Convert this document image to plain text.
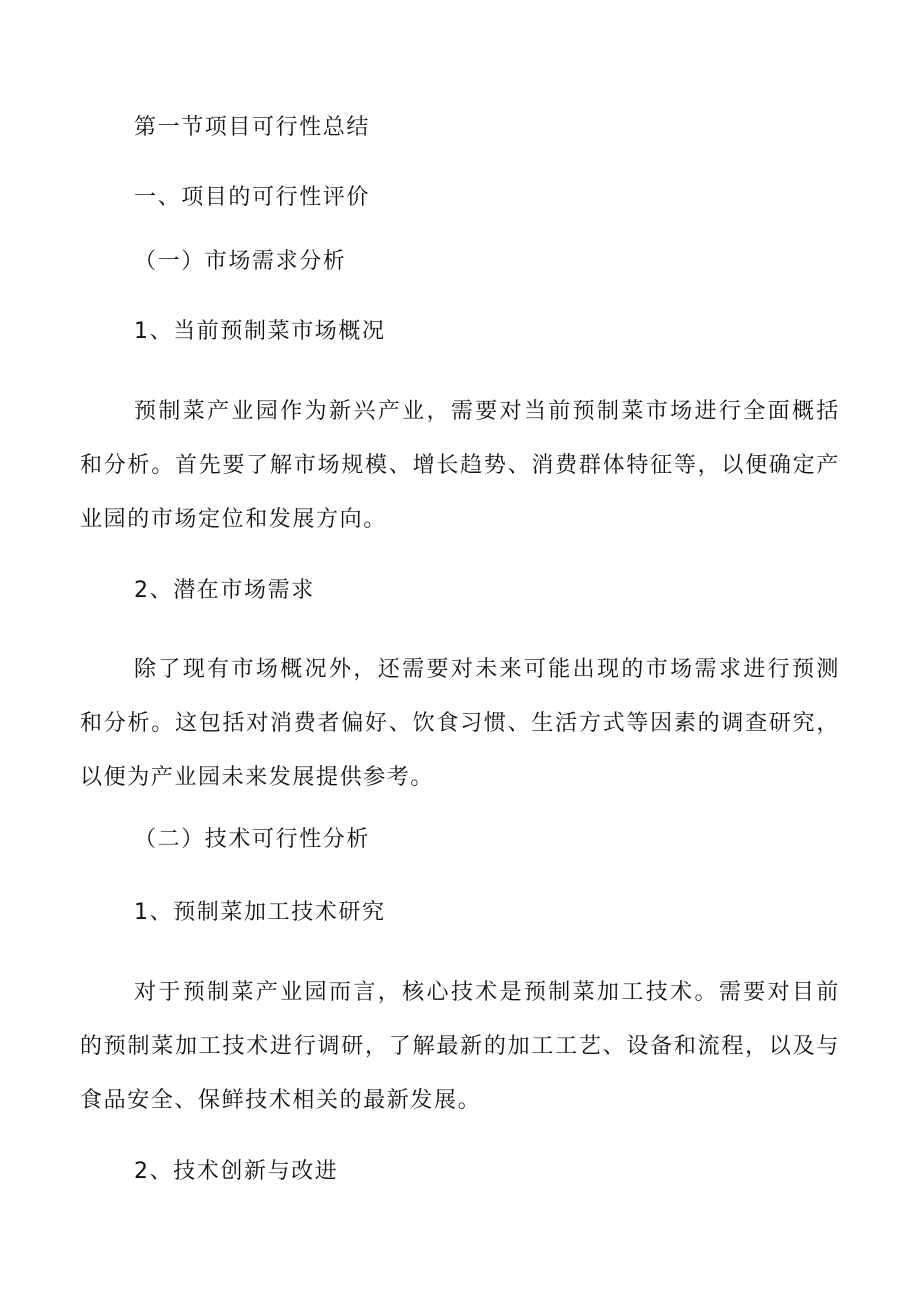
第一节项目可行性总结

一、项目的可行性评价

（一）市场需求分析

1、当前预制菜市场概况

预制菜产业园作为新兴产业，需要对当前预制菜市场进行全面概括和分析。首先要了解市场规模、增长趋势、消费群体特征等，以便确定产业园的市场定位和发展方向。

2、潜在市场需求

除了现有市场概况外，还需要对未来可能出现的市场需求进行预测和分析。这包括对消费者偏好、饮食习惯、生活方式等因素的调查研究，以便为产业园未来发展提供参考。

（二）技术可行性分析

1、预制菜加工技术研究

对于预制菜产业园而言，核心技术是预制菜加工技术。需要对目前的预制菜加工技术进行调研，了解最新的加工工艺、设备和流程，以及与食品安全、保鲜技术相关的最新发展。

2、技术创新与改进
